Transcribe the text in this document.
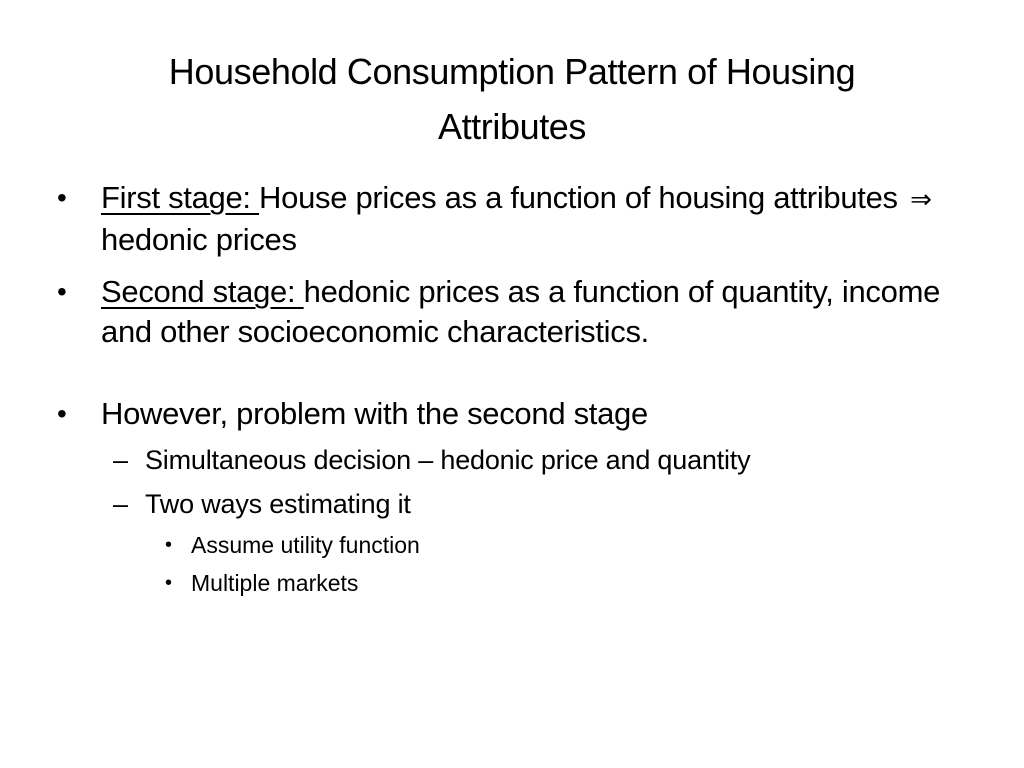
Household Consumption Pattern of Housing
Attributes
• First stage: House prices as a function of housing attributes ⇒ hedonic prices
• Second stage: hedonic prices as a function of quantity, income and other socioeconomic characteristics.
• However, problem with the second stage
– Simultaneous decision – hedonic price and quantity
– Two ways estimating it
• Assume utility function
• Multiple markets
